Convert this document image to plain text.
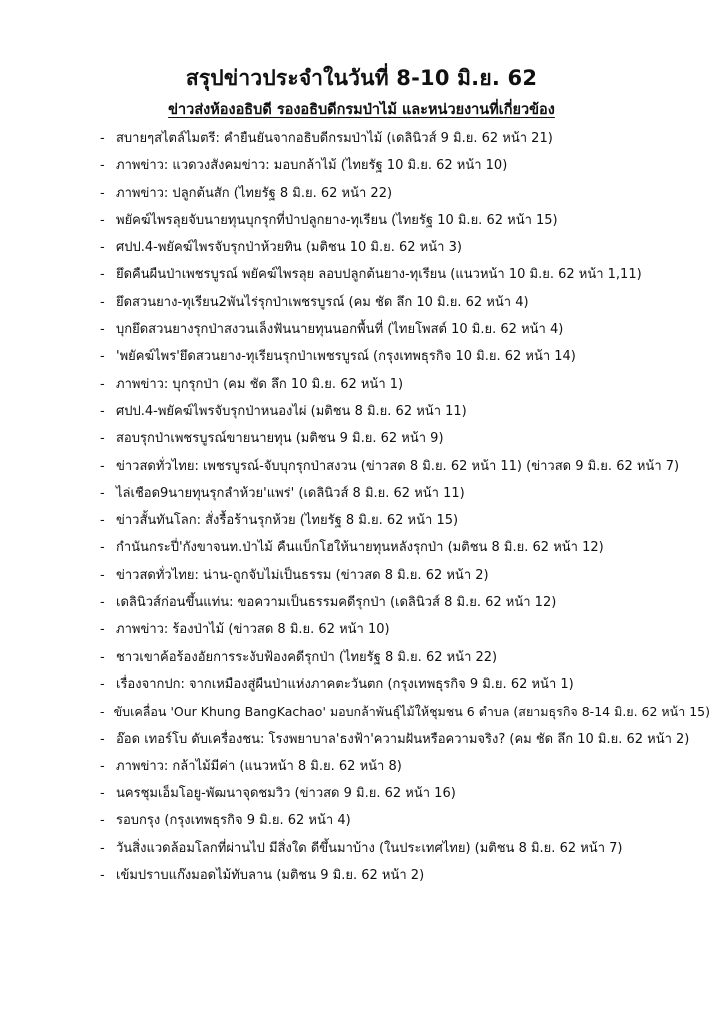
สรุปข่าวประจำในวันที่ 8-10 มิ.ย. 62
ข่าวส่งห้องอธิบดี รองอธิบดีกรมป่าไม้ และหน่วยงานที่เกี่ยวข้อง
- สบายๆสไตล์ไมตรี: คำยืนยันจากอธิบดีกรมป่าไม้ (เดลินิวส์ 9 มิ.ย. 62 หน้า 21)
- ภาพข่าว: แวดวงสังคมข่าว: มอบกล้าไม้ (ไทยรัฐ 10 มิ.ย. 62 หน้า 10)
- ภาพข่าว: ปลูกต้นสัก (ไทยรัฐ 8 มิ.ย. 62 หน้า 22)
- พยัคฆ์ไพรลุยจับนายทุนบุกรุกที่ป่าปลูกยาง-ทุเรียน (ไทยรัฐ 10 มิ.ย. 62 หน้า 15)
- ศปป.4-พยัคฆ์ไพรจับรุกป่าห้วยทิน (มติชน 10 มิ.ย. 62 หน้า 3)
- ยึดคืนผืนป่าเพชรบูรณ์ พยัคฆ์ไพรลุย ลอบปลูกต้นยาง-ทุเรียน (แนวหน้า 10 มิ.ย. 62 หน้า 1,11)
- ยึดสวนยาง-ทุเรียน2พันไร่รุกป่าเพชรบูรณ์ (คม ชัด ลึก 10 มิ.ย. 62 หน้า 4)
- บุกยึดสวนยางรุกป่าสงวนเล็งฟันนายทุนนอกพื้นที่ (ไทยโพสต์ 10 มิ.ย. 62 หน้า 4)
- 'พยัคฆ์ไพร'ยึดสวนยาง-ทุเรียนรุกป่าเพชรบูรณ์ (กรุงเทพธุรกิจ 10 มิ.ย. 62 หน้า 14)
- ภาพข่าว: บุกรุกป่า (คม ชัด ลึก 10 มิ.ย. 62 หน้า 1)
- ศปป.4-พยัคฆ์ไพรจับรุกป่าหนองไผ่ (มติชน 8 มิ.ย. 62 หน้า 11)
- สอบรุกป่าเพชรบูรณ์ขายนายทุน (มติชน 9 มิ.ย. 62 หน้า 9)
- ข่าวสดทั่วไทย: เพชรบูรณ์-จับบุกรุกป่าสงวน (ข่าวสด 8 มิ.ย. 62 หน้า 11) (ข่าวสด 9 มิ.ย. 62 หน้า 7)
- ไล่เชือด9นายทุนรุกลำห้วย'แพร่' (เดลินิวส์ 8 มิ.ย. 62 หน้า 11)
- ข่าวสั้นทันโลก: สั่งรื้อร้านรุกห้วย (ไทยรัฐ 8 มิ.ย. 62 หน้า 15)
- กำนันกระปี่'กังขาจนท.ป่าไม้ คืนแบ็กโฮให้นายทุนหลังรุกป่า (มติชน 8 มิ.ย. 62 หน้า 12)
- ข่าวสดทั่วไทย: น่าน-ถูกจับไม่เป็นธรรม (ข่าวสด 8 มิ.ย. 62 หน้า 2)
- เดลินิวส์ก่อนขึ้นแท่น: ขอความเป็นธรรมคดีรุกป่า (เดลินิวส์ 8 มิ.ย. 62 หน้า 12)
- ภาพข่าว: ร้องป่าไม้ (ข่าวสด 8 มิ.ย. 62 หน้า 10)
- ชาวเขาค้อร้องอัยการระงับฟ้องคดีรุกป่า (ไทยรัฐ 8 มิ.ย. 62 หน้า 22)
- เรื่องจากปก: จากเหมืองสู่ผืนป่าแห่งภาคตะวันตก (กรุงเทพธุรกิจ 9 มิ.ย. 62 หน้า 1)
- ขับเคลื่อน 'Our Khung BangKachao' มอบกล้าพันธุ์ไม้ให้ชุมชน 6 ตำบล (สยามธุรกิจ 8-14 มิ.ย. 62 หน้า 15)
- อ๊อด เทอร์โบ ดับเครื่องชน: โรงพยาบาล'ธงฟ้า'ความฝันหรือความจริง? (คม ชัด ลึก 10 มิ.ย. 62 หน้า 2)
- ภาพข่าว: กล้าไม้มีค่า (แนวหน้า 8 มิ.ย. 62 หน้า 8)
- นครชุมเอ็มโอยู-พัฒนาจุดชมวิว (ข่าวสด 9 มิ.ย. 62 หน้า 16)
- รอบกรุง (กรุงเทพธุรกิจ 9 มิ.ย. 62 หน้า 4)
- วันสิ่งแวดล้อมโลกที่ผ่านไป มีสิ่งใด ดีขึ้นมาบ้าง (ในประเทศไทย) (มติชน 8 มิ.ย. 62 หน้า 7)
- เข้มปราบแก๊งมอดไม้ทับลาน (มติชน 9 มิ.ย. 62 หน้า 2)
